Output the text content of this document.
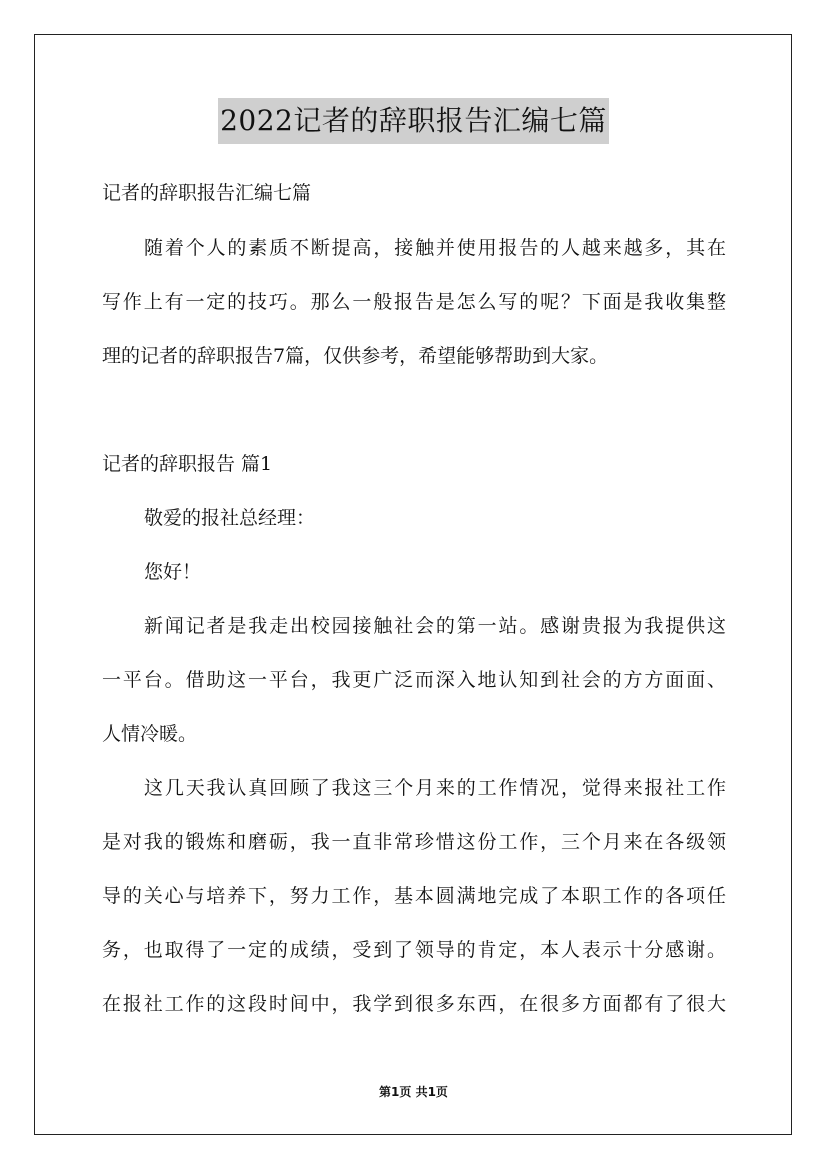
2022记者的辞职报告汇编七篇
记者的辞职报告汇编七篇
随着个人的素质不断提高，接触并使用报告的人越来越多，其在
写作上有一定的技巧。那么一般报告是怎么写的呢？下面是我收集整
理的记者的辞职报告7篇，仅供参考，希望能够帮助到大家。
记者的辞职报告 篇1
敬爱的报社总经理：
您好！
新闻记者是我走出校园接触社会的第一站。感谢贵报为我提供这
一平台。借助这一平台，我更广泛而深入地认知到社会的方方面面、
人情冷暖。
这几天我认真回顾了我这三个月来的工作情况，觉得来报社工作
是对我的锻炼和磨砺，我一直非常珍惜这份工作，三个月来在各级领
导的关心与培养下，努力工作，基本圆满地完成了本职工作的各项任
务，也取得了一定的成绩，受到了领导的肯定，本人表示十分感谢。
在报社工作的这段时间中，我学到很多东西，在很多方面都有了很大
第1页 共1页
